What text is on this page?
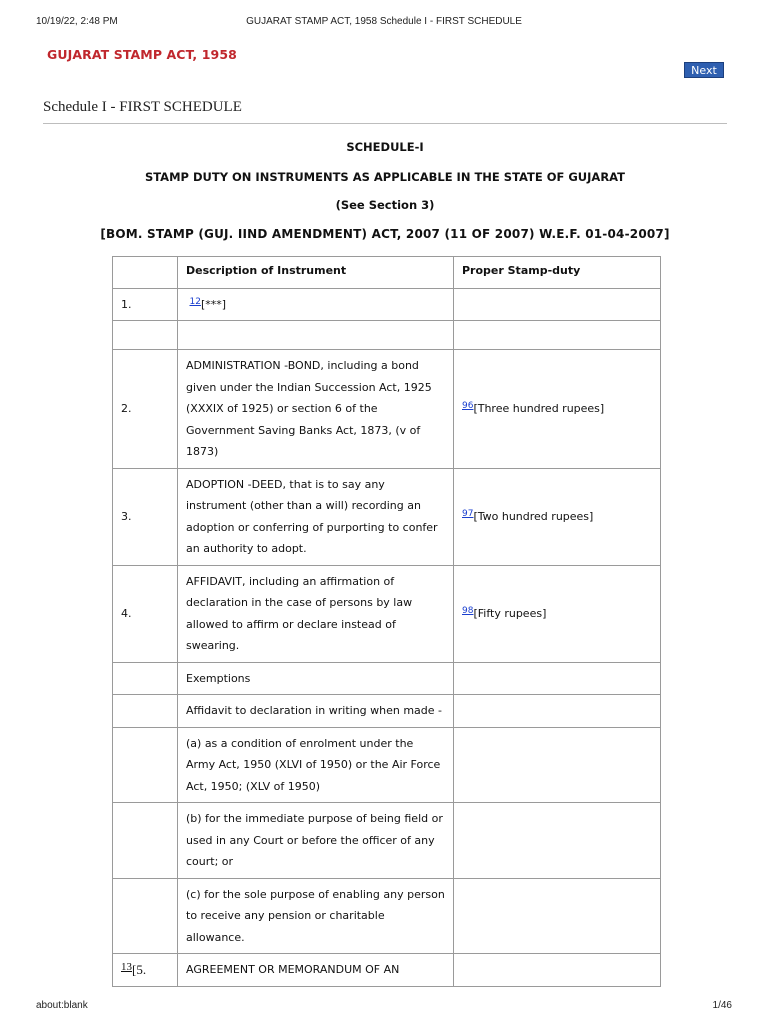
10/19/22, 2:48 PM	GUJARAT STAMP ACT, 1958 Schedule I - FIRST SCHEDULE
GUJARAT STAMP ACT, 1958
Next
Schedule I - FIRST SCHEDULE
SCHEDULE-I
STAMP DUTY ON INSTRUMENTS AS APPLICABLE IN THE STATE OF GUJARAT
(See Section 3)
[BOM. STAMP (GUJ. IIND AMENDMENT) ACT, 2007 (11 OF 2007) W.E.F. 01-04-2007]
	Description of Instrument	Proper Stamp-duty
1.	$^{12}$[***]	

2.	ADMINISTRATION -BOND, including a bond given under the Indian Succession Act, 1925 (XXXIX of 1925) or section 6 of the Government Saving Banks Act, 1873, (v of 1873)	$^{96}$[Three hundred rupees]
3.	ADOPTION -DEED, that is to say any instrument (other than a will) recording an adoption or conferring of purporting to confer an authority to adopt.	$^{97}$[Two hundred rupees]
4.	AFFIDAVIT, including an affirmation of declaration in the case of persons by law allowed to affirm or declare instead of swearing.	$^{98}$[Fifty rupees]
	Exemptions	
	Affidavit to declaration in writing when made -	
	(a) as a condition of enrolment under the Army Act, 1950 (XLVI of 1950) or the Air Force Act, 1950; (XLV of 1950)	
	(b) for the immediate purpose of being field or used in any Court or before the officer of any court; or	
	(c) for the sole purpose of enabling any person to receive any pension or charitable allowance.	
$^{13}$[5.	AGREEMENT OR MEMORANDUM OF AN	
about:blank	1/46
